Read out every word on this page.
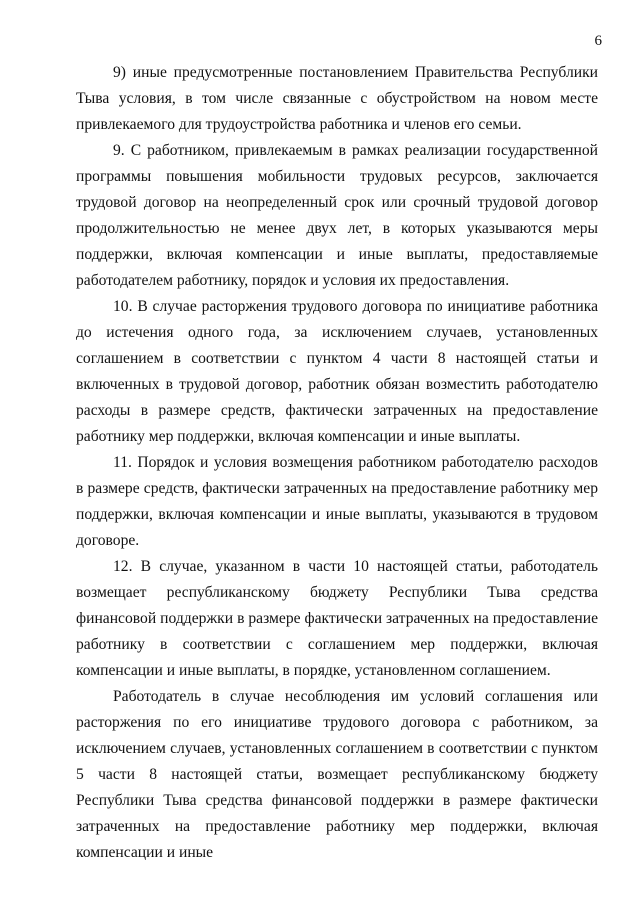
6

9) иные предусмотренные постановлением Правительства Республики Тыва условия, в том числе связанные с обустройством на новом месте привлекаемого для трудоустройства работника и членов его семьи.

9. С работником, привлекаемым в рамках реализации государственной программы повышения мобильности трудовых ресурсов, заключается трудовой договор на неопределенный срок или срочный трудовой договор продолжительностью не менее двух лет, в которых указываются меры поддержки, включая компенсации и иные выплаты, предоставляемые работодателем работнику, порядок и условия их предоставления.

10. В случае расторжения трудового договора по инициативе работника до истечения одного года, за исключением случаев, установленных соглашением в соответствии с пунктом 4 части 8 настоящей статьи и включенных в трудовой договор, работник обязан возместить работодателю расходы в размере средств, фактически затраченных на предоставление работнику мер поддержки, включая компенсации и иные выплаты.

11. Порядок и условия возмещения работником работодателю расходов в размере средств, фактически затраченных на предоставление работнику мер поддержки, включая компенсации и иные выплаты, указываются в трудовом договоре.

12. В случае, указанном в части 10 настоящей статьи, работодатель возмещает республиканскому бюджету Республики Тыва средства финансовой поддержки в размере фактически затраченных на предоставление работнику в соответствии с соглашением мер поддержки, включая компенсации и иные выплаты, в порядке, установленном соглашением.

Работодатель в случае несоблюдения им условий соглашения или расторжения по его инициативе трудового договора с работником, за исключением случаев, установленных соглашением в соответствии с пунктом 5 части 8 настоящей статьи, возмещает республиканскому бюджету Республики Тыва средства финансовой поддержки в размере фактически затраченных на предоставление работнику мер поддержки, включая компенсации и иные
